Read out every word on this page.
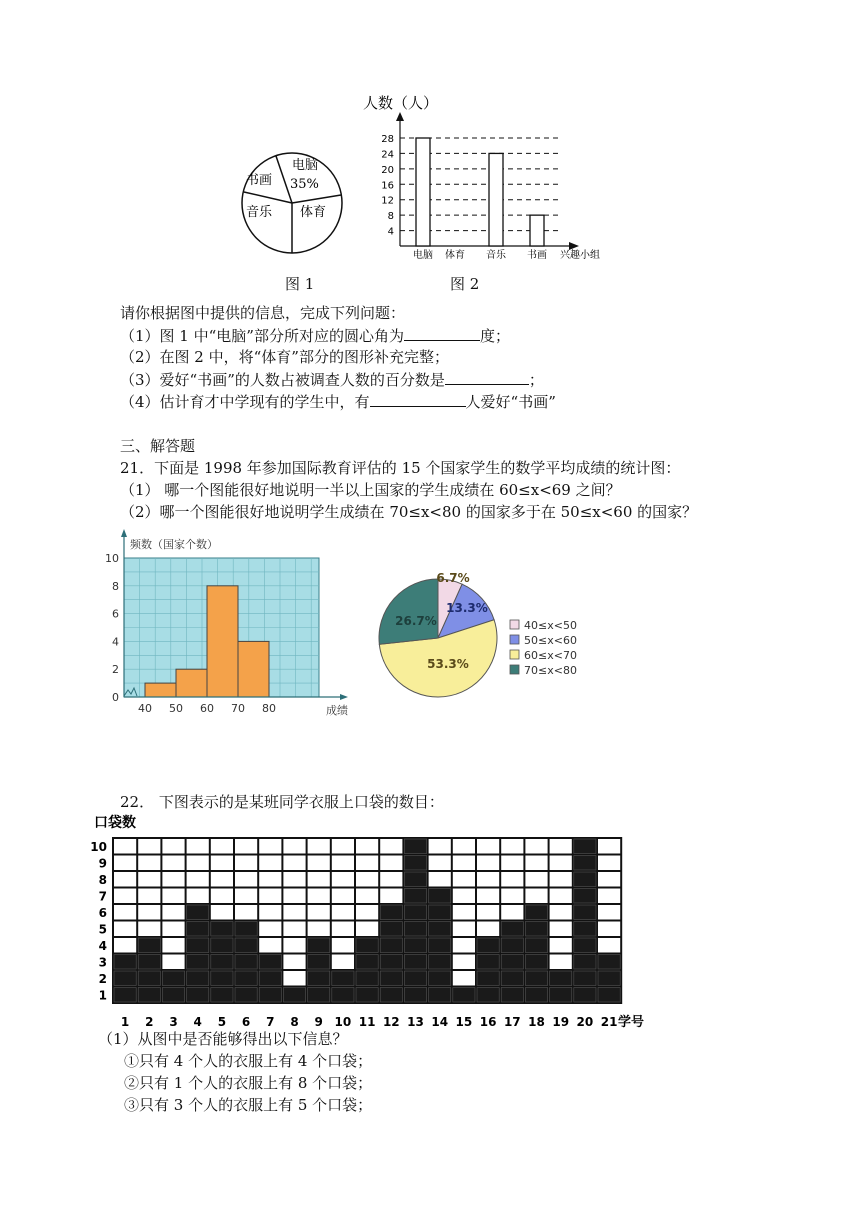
电脑
35%
书画
音乐 体育
图 1
人数（人）
4
8
12
16
20
24
28
电脑 体育 音乐 书画 兴趣小组
图 2
请你根据图中提供的信息，完成下列问题：
（1）图 1 中“电脑”部分所对应的圆心角为	度；
（2）在图 2 中，将“体育”部分的图形补充完整；
（3）爱好“书画”的人数占被调查人数的百分数是	；
（4）估计育才中学现有的学生中，有	人爱好“书画”
三、解答题
21．下面是 1998 年参加国际教育评估的 15 个国家学生的数学平均成绩的统计图：
（1） 哪一个图能很好地说明一半以上国家的学生成绩在 60≤x<69 之间？
（2）哪一个图能很好地说明学生成绩在 70≤x<80 的国家多于在 50≤x<60 的国家？
0
2
4
6
8
10
40 50 60 70 80
频数（国家个数）
成绩
6.7%
13.3%
53.3%
26.7%	40≤x<50
50≤x<60
60≤x<70
70≤x<80
22． 下图表示的是某班同学衣服上口袋的数目：
口袋数
1
2
3
4
5
6
7
8
9
10
1 2 3 4 5 6 7 8 9 10 11 12 13 14 15 16 17 18 19 20 21 学号
（1）从图中是否能够得出以下信息？
①只有 4 个人的衣服上有 4 个口袋；
②只有 1 个人的衣服上有 8 个口袋；
③只有 3 个人的衣服上有 5 个口袋；
